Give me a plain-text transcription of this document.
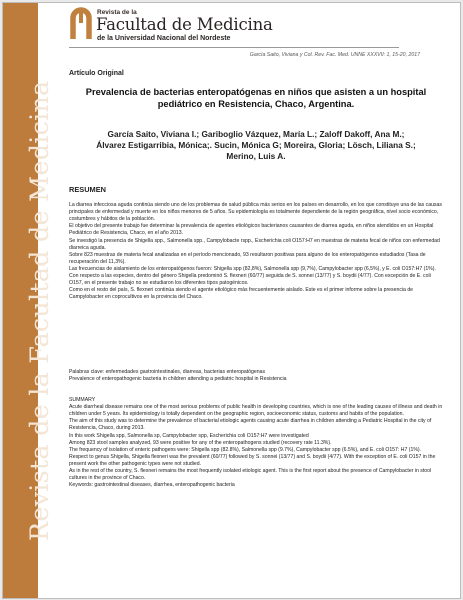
Revista de la Facultad de Medicina
Revista de la
Facultad de Medicina
de la Universidad Nacional del Nordeste
García Saito, Viviana y Col. Rev. Fac. Med. UNNE XXXVII: 1, 15-20, 2017
Artículo Original
Prevalencia de bacterias enteropatógenas en niños que asisten a un hospital pediátrico en Resistencia, Chaco, Argentina.
García Saito, Viviana I.; Gariboglio Vázquez, María L.; Zaloff Dakoff, Ana M.;
Álvarez Estigarribia, Mónica;. Sucin, Mónica G; Moreira, Gloria; Lösch, Liliana S.;
Merino, Luis A.
RESUMEN

La diarrea infecciosa aguda continúa siendo uno de los problemas de salud pública más serios en los países en desarrollo, en los que constituye una de las causas principales de enfermedad y muerte en los niños menores de 5 años. Su epidemiología es totalmente dependiente de la región geográfica, nivel socio económico, costumbres y hábitos de la población.

El objetivo del presente trabajo fue determinar la prevalencia de agentes etiológicos bacterianos causantes de diarrea aguda, en niños atendidos en un Hospital Pediátrico de Resistencia, Chaco, en el año 2013.

Se investigó la presencia de Shigella spp., Salmonella spp., Campylobacte rspp., Escherichia coli O157:H7 en muestras de materia fecal de niños con enfermedad diarreica aguda.

Sobre 823 muestras de materia fecal analizadas en el período mencionado, 93 resultaron positivas para alguno de los enteropatógenos estudiados (Tasa de recuperación del 11,3%).

Las frecuencias de aislamiento de los enteropatógenos fueron: Shigella spp (82,8%), Salmonella spp (9,7%), Campylobacter spp (6,5%), y E. coli O157:H7 (1%).

Con respecto a las especies, dentro del género Shigella predominó S. flexneri (60/77) seguida de S. sonnei (13/77) y S. boydii (4/77). Con excepción de E. coli O157, en el presente trabajo no se estudiaron los diferentes tipos patogénicos.

Como en el resto del país, S. flexneri continúa siendo el agente etiológico más frecuentemente aislado. Este es el primer informe sobre la presencia de Campylobacter en coprocultivos en la provincia del Chaco.

Palabras clave: enfermedades gastrointestinales, diarreas, bacterias enteropatógenas

Prevalence of enteropathogenic bacteria in children attending a pediatric hospital in Resistencia

SUMMARY

Acute diarrheal disease remains one of the most serious problems of public health in developing countries, which is one of the leading causes of illness and death in children under 5 years. Its epidemiology is totally dependent on the geographic region, socioeconomic status, customs and habits of the population.

The aim of this study was to determine the prevalence of bacterial etiologic agents causing acute diarrhea in children attending a Pediatric Hospital in the city of Resistencia, Chaco, during 2013.

In this work Shigella spp, Salmonella sp, Campylobacter spp, Escherichia coli O157:H7 were investigated

Among 823 stool samples analyzed, 93 were positive for any of the enteropathogens studied (recovery rate 11.3%).

The frequency of isolation of enteric pathogens were: Shigella spp (82.8%), Salmonella spp (9.7%), Campylobacter spp (6.5%), and E. coli O157: H7 (1%).

Respect to genus Shigella, Shigella flexneri was the prevalent (60/77) followed by S. sonnei (13/77) and S. boydii (4/77). With the exception of E. coli O157 in the present work the other pathogenic types were not studied.

As in the rest of the country, S. flexneri remains the most frequently isolated etiologic agent. This is the first report about the presence of Campylobacter in stool cultures in the province of Chaco.

Keywords: gastrointestinal diseases, diarrhea, enteropathogenic bacteria
